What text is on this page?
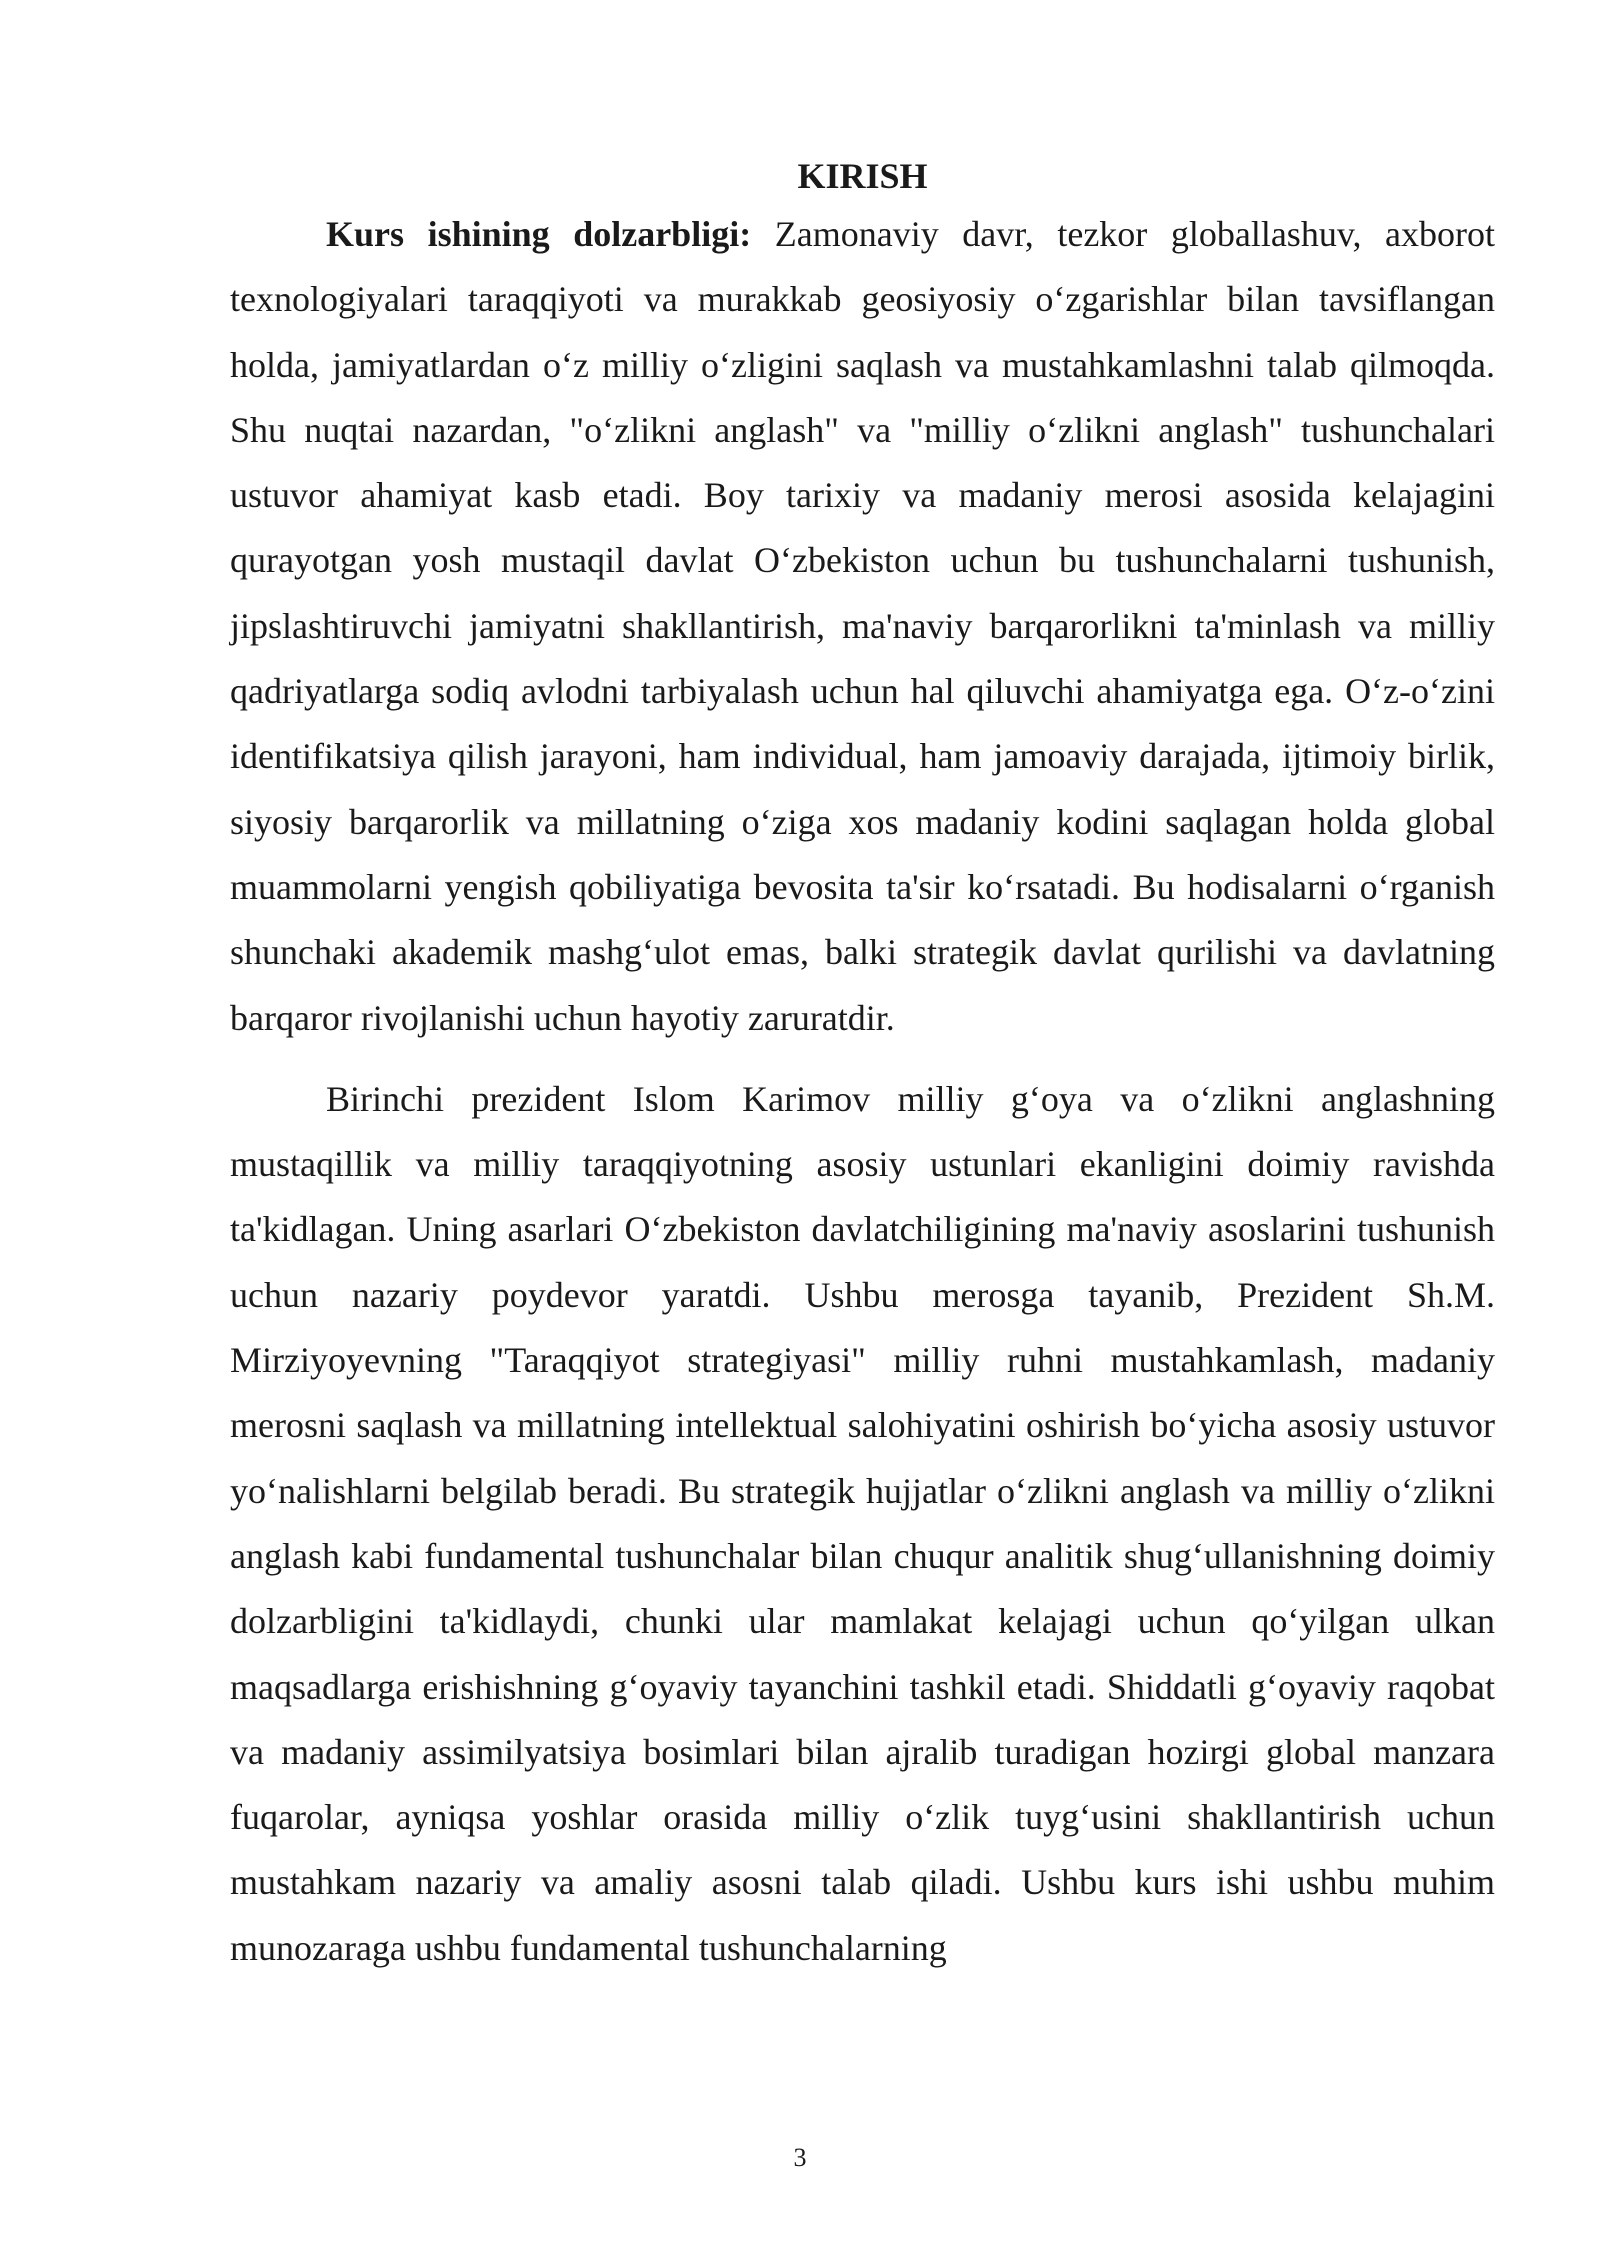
KIRISH

Kurs ishining dolzarbligi: Zamonaviy davr, tezkor globallashuv, axborot texnologiyalari taraqqiyoti va murakkab geosiyosiy o‘zgarishlar bilan tavsiflangan holda, jamiyatlardan o‘z milliy o‘zligini saqlash va mustahkamlashni talab qilmoqda. Shu nuqtai nazardan, "o‘zlikni anglash" va "milliy o‘zlikni anglash" tushunchalari ustuvor ahamiyat kasb etadi. Boy tarixiy va madaniy merosi asosida kelajagini qurayotgan yosh mustaqil davlat O‘zbekiston uchun bu tushunchalarni tushunish, jipslashtiruvchi jamiyatni shakllantirish, ma'naviy barqarorlikni ta'minlash va milliy qadriyatlarga sodiq avlodni tarbiyalash uchun hal qiluvchi ahamiyatga ega. O‘z-o‘zini identifikatsiya qilish jarayoni, ham individual, ham jamoaviy darajada, ijtimoiy birlik, siyosiy barqarorlik va millatning o‘ziga xos madaniy kodini saqlagan holda global muammolarni yengish qobiliyatiga bevosita ta'sir ko‘rsatadi. Bu hodisalarni o‘rganish shunchaki akademik mashg‘ulot emas, balki strategik davlat qurilishi va davlatning barqaror rivojlanishi uchun hayotiy zaruratdir.

Birinchi prezident Islom Karimov milliy g‘oya va o‘zlikni anglashning mustaqillik va milliy taraqqiyotning asosiy ustunlari ekanligini doimiy ravishda ta'kidlagan. Uning asarlari O‘zbekiston davlatchiligining ma'naviy asoslarini tushunish uchun nazariy poydevor yaratdi. Ushbu merosga tayanib, Prezident Sh.M. Mirziyoyevning "Taraqqiyot strategiyasi" milliy ruhni mustahkamlash, madaniy merosni saqlash va millatning intellektual salohiyatini oshirish bo‘yicha asosiy ustuvor yo‘nalishlarni belgilab beradi. Bu strategik hujjatlar o‘zlikni anglash va milliy o‘zlikni anglash kabi fundamental tushunchalar bilan chuqur analitik shug‘ullanishning doimiy dolzarbligini ta'kidlaydi, chunki ular mamlakat kelajagi uchun qo‘yilgan ulkan maqsadlarga erishishning g‘oyaviy tayanchini tashkil etadi. Shiddatli g‘oyaviy raqobat va madaniy assimilyatsiya bosimlari bilan ajralib turadigan hozirgi global manzara fuqarolar, ayniqsa yoshlar orasida milliy o‘zlik tuyg‘usini shakllantirish uchun mustahkam nazariy va amaliy asosni talab qiladi. Ushbu kurs ishi ushbu muhim munozaraga ushbu fundamental tushunchalarning

3
